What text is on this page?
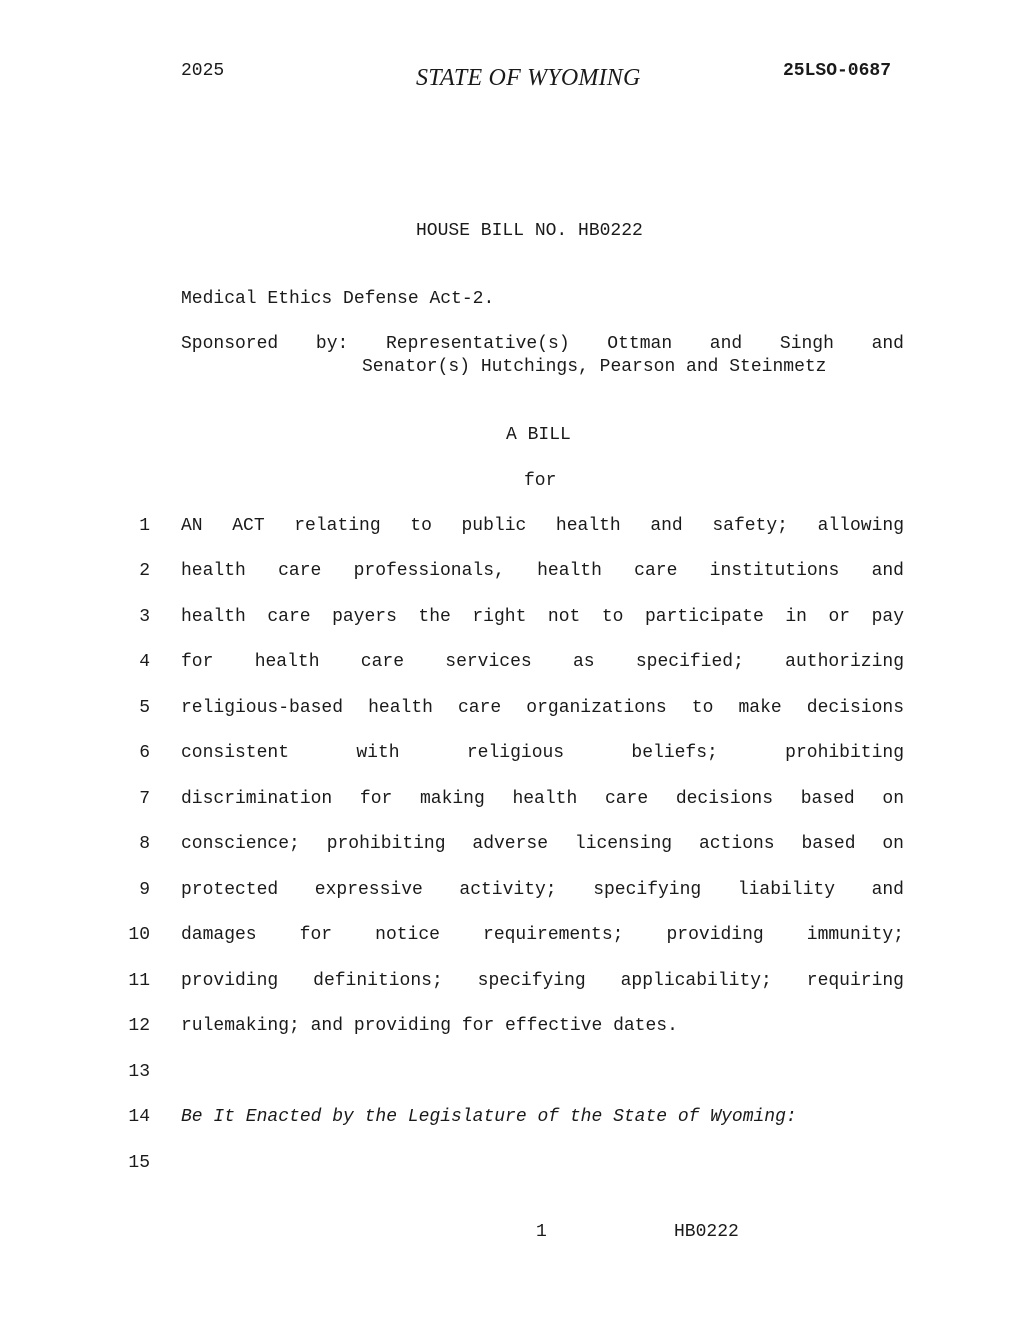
2025	STATE OF WYOMING	25LSO-0687
HOUSE BILL NO. HB0222
Medical Ethics Defense Act-2.
Sponsored by: Representative(s) Ottman and Singh and
Senator(s) Hutchings, Pearson and Steinmetz
A BILL
for
1 AN ACT relating to public health and safety; allowing
2 health care professionals, health care institutions and
3 health care payers the right not to participate in or pay
4 for health care services as specified; authorizing
5 religious-based health care organizations to make decisions
6 consistent with religious beliefs; prohibiting
7 discrimination for making health care decisions based on
8 conscience; prohibiting adverse licensing actions based on
9 protected expressive activity; specifying liability and
10 damages for notice requirements; providing immunity;
11 providing definitions; specifying applicability; requiring
12 rulemaking; and providing for effective dates.
13
14 Be It Enacted by the Legislature of the State of Wyoming:
15
1	HB0222
